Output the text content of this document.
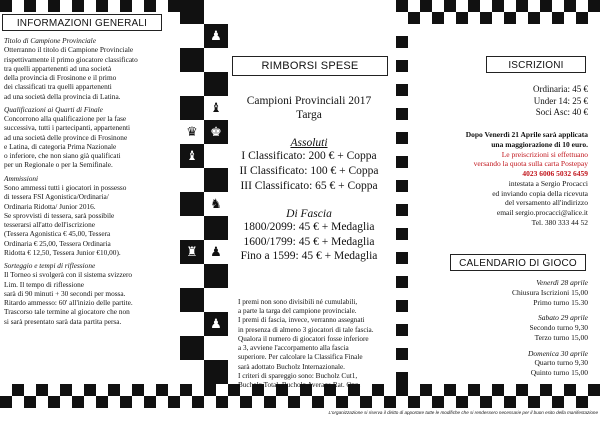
♟
♝
♛ ♚
♝
♞
♜ ♟
♟
INFORMAZIONI GENERALI
Titolo di Campione Provinciale

Otterranno il titolo di Campione Provinciale

rispettivamente il primo giocatore classificato

tra quelli appartenenti ad una società

della provincia di Frosinone e il primo

dei classificati tra quelli appartenenti

ad una società della provincia di Latina.

Qualificazioni ai Quarti di Finale

Concorrono alla qualificazione per la fase

successiva, tutti i partecipanti, appartenenti

ad una società delle province di Frosinone

e Latina, di categoria Prima Nazionale

o inferiore, che non siano già qualificati

per un Regionale o per la Semifinale.

Ammissioni

Sono ammessi tutti i giocatori in possesso

di tessera FSI Agonistica/Ordinaria/

Ordinaria Ridotta/ Junior 2016.

Se sprovvisti di tessera, sarà possibile

tesserarsi all'atto dell'iscrizione

(Tessera Agonistica € 45,00, Tessera

Ordinaria € 25,00, Tessera Ordinaria

Ridotta € 12,50, Tessera Junior €10,00).

Sorteggio e tempi di riflessione

Il Torneo si svolgerà con il sistema svizzero

Lim. Il tempo di riflessione

sarà di 90 minuti + 30 secondi per mossa.

Ritardo ammesso: 60' all'inizio delle partite.

Trascorso tale termine al giocatore che non

si sarà presentato sarà data partita persa.

RIMBORSI SPESE
Campioni Provinciali 2017
Targa
Assoluti
I Classificato: 200 € + Coppa
II Classificato: 100 € + Coppa
III Classificato: 65 € + Coppa
Di Fascia
1800/2099: 45 € + Medaglia
1600/1799: 45 € + Medaglia
Fino a 1599: 45 € + Medaglia

I premi non sono divisibili né cumulabili,

a parte la targa del campione provinciale.

I premi di fascia, invece, verranno assegnati

in presenza di almeno 3 giocatori di tale fascia.

Qualora il numero di giocatori fosse inferiore

a 3, avviene l'accorpamento alla fascia

superiore. Per calcolare la Classifica Finale

sarà adottato Bucholz Internazionale.

I criteri di spareggio sono: Bucholz Cut1,

Bucholz Total, Bucholz Average Rat. Opp.

ISCRIZIONI
Ordinaria: 45 €
Under 14: 25 €
Soci Asc: 40 €
Dopo Venerdì 21 Aprile sarà applicata
una maggiorazione di 10 euro.
Le preiscrizioni si effettuano
versando la quota sulla carta Postepay
4023 6006 5032 6459
intestata a Sergio Procacci
ed inviando copia della ricevuta
del versamento all'indirizzo
email sergio.procacci@alice.it
Tel. 380 333 44 52
CALENDARIO DI GIOCO
Venerdì 28 aprile
Chiusura Iscrizioni 15,00
Primo turno 15.30
Sabato 29 aprile
Secondo turno 9,30
Terzo turno 15,00
Domenica 30 aprile
Quarto turno 9,30
Quinto turno 15,00
L'organizzazione si riserva il diritto di apportare tutte le modifiche che si rendessero necessarie per il buon esito della manifestazione
